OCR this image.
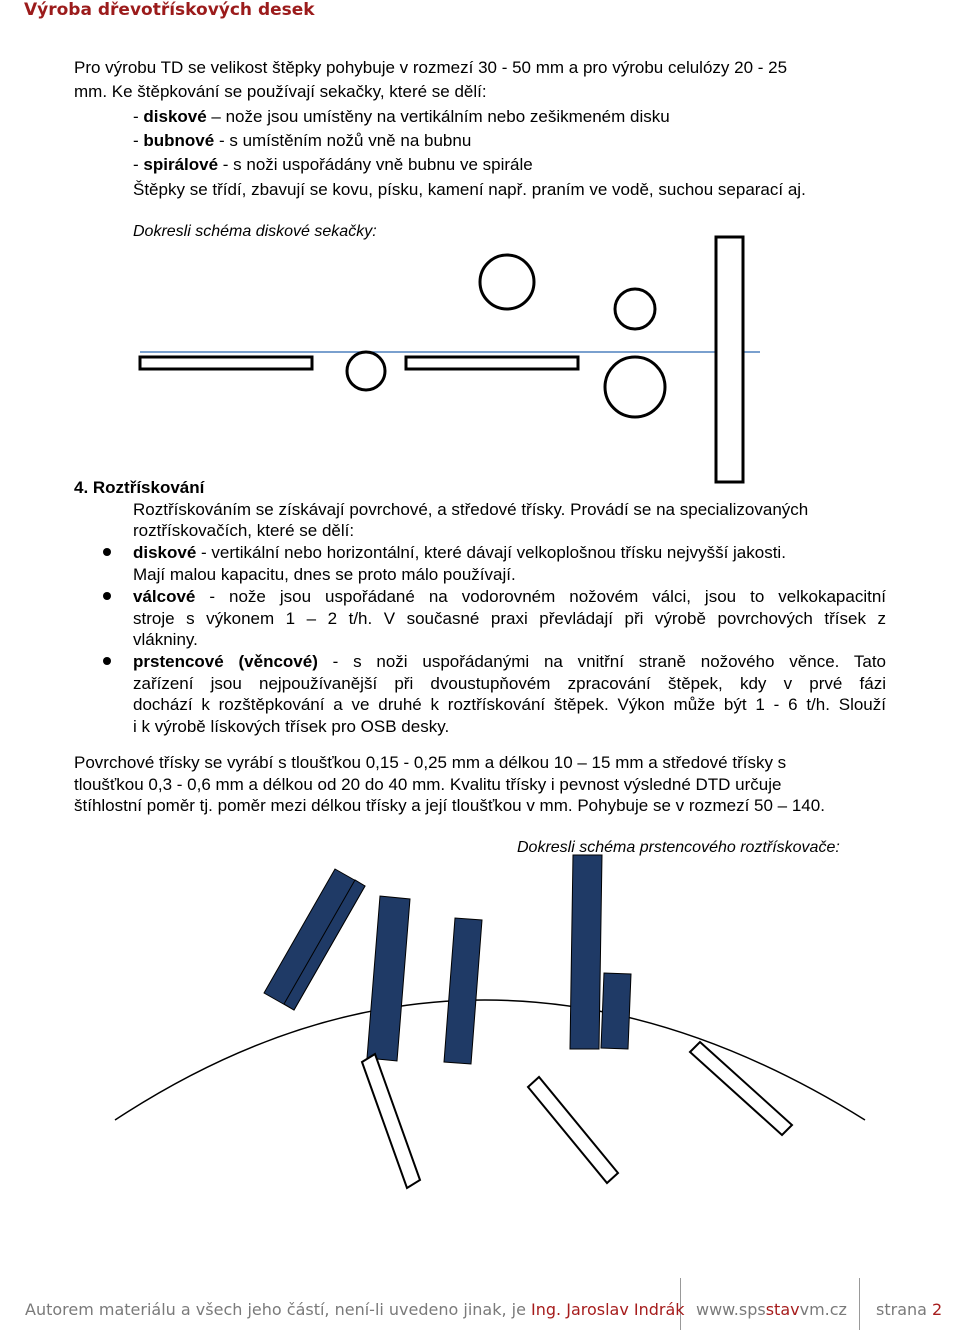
Výroba dřevotřískových desek
Pro výrobu TD se velikost štěpky pohybuje v rozmezí 30 - 50 mm a pro výrobu celulózy 20 - 25
mm. Ke štěpkování se používají sekačky, které se dělí:
- diskové – nože jsou umístěny na vertikálním nebo zešikmeném disku
- bubnové - s umístěním nožů vně na bubnu
- spirálové - s noži uspořádány vně bubnu ve spirále
Štěpky se třídí, zbavují se kovu, písku, kamení např. praním ve vodě, suchou separací aj.
Dokresli schéma diskové sekačky:
4. Roztřískování
Roztřískováním se získávají povrchové, a středové třísky. Provádí se na specializovaných
roztřískovačích, které se dělí:
diskové - vertikální nebo horizontální, které dávají velkoplošnou třísku nejvyšší jakosti.
Mají malou kapacitu, dnes se proto málo používají.
válcové - nože jsou uspořádané na vodorovném nožovém válci, jsou to velkokapacitní
stroje s výkonem 1 – 2 t/h. V současné praxi převládají při výrobě povrchových třísek z
vlákniny.
prstencové (věncové) - s noži uspořádanými na vnitřní straně nožového věnce. Tato
zařízení jsou nejpoužívanější při dvoustupňovém zpracování štěpek, kdy v prvé fázi
dochází k rozštěpkování a ve druhé k roztřískování štěpek. Výkon může být 1 - 6 t/h. Slouží
i k výrobě lískových třísek pro OSB desky.
Povrchové třísky se vyrábí s tloušťkou 0,15 - 0,25 mm a délkou 10 – 15 mm a středové třísky s
tloušťkou 0,3 - 0,6 mm a délkou od 20 do 40 mm. Kvalitu třísky i pevnost výsledné DTD určuje
štíhlostní poměr tj. poměr mezi délkou třísky a její tloušťkou v mm. Pohybuje se v rozmezí 50 – 140.
Dokresli schéma prstencového roztřískovače:
Autorem materiálu a všech jeho částí, není-li uvedeno jinak, je Ing. Jaroslav Indrák www.spsstavvm.cz strana 2
